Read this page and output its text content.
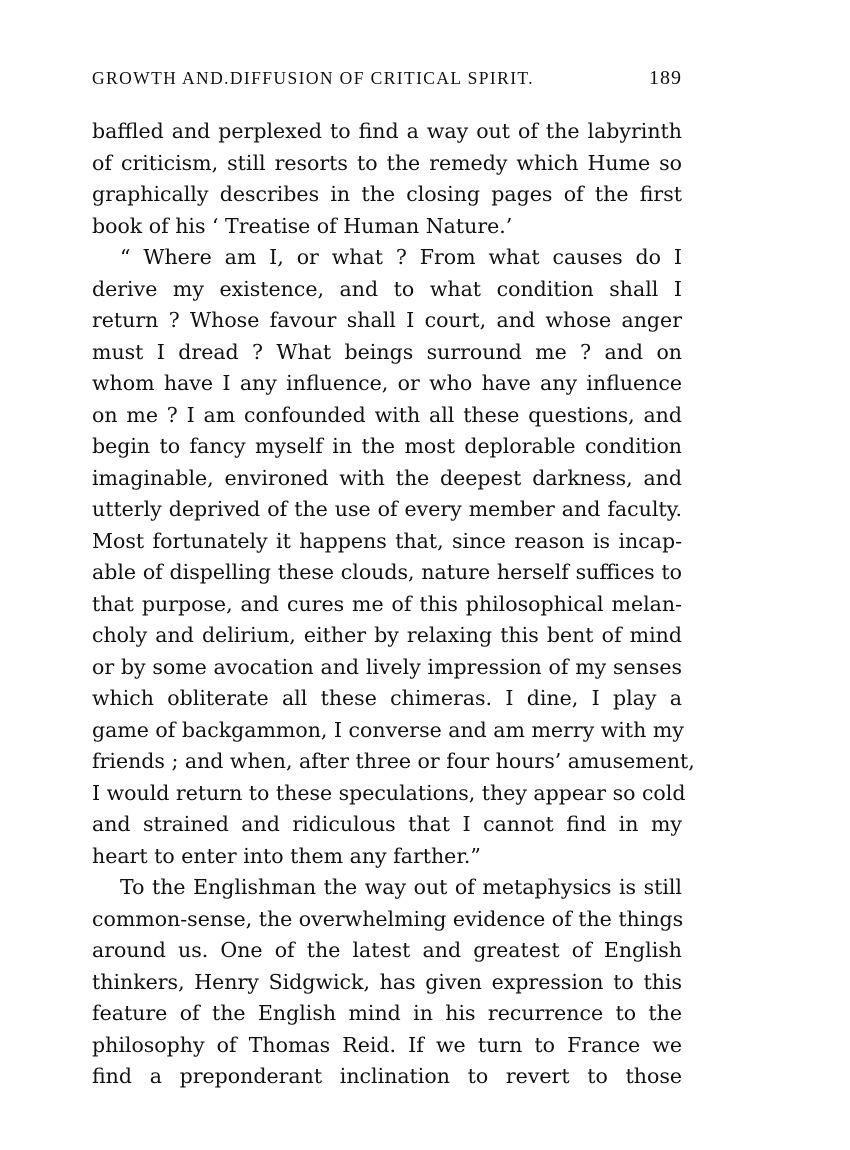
GROWTH AND.DIFFUSION OF CRITICAL SPIRIT.	189
baffled and perplexed to find a way out of the labyrinth
of criticism, still resorts to the remedy which Hume so
graphically describes in the closing pages of the first
book of his ‘ Treatise of Human Nature.’
“ Where am I, or what ? From what causes do I
derive my existence, and to what condition shall I
return ? Whose favour shall I court, and whose anger
must I dread ? What beings surround me ? and on
whom have I any influence, or who have any influence
on me ? I am confounded with all these questions, and
begin to fancy myself in the most deplorable condition
imaginable, environed with the deepest darkness, and
utterly deprived of the use of every member and faculty.
Most fortunately it happens that, since reason is incap-
able of dispelling these clouds, nature herself suffices to
that purpose, and cures me of this philosophical melan-
choly and delirium, either by relaxing this bent of mind
or by some avocation and lively impression of my senses
which obliterate all these chimeras. I dine, I play a
game of backgammon, I converse and am merry with my
friends ; and when, after three or four hours’ amusement,
I would return to these speculations, they appear so cold
and strained and ridiculous that I cannot find in my
heart to enter into them any farther.”
To the Englishman the way out of metaphysics is still
common-sense, the overwhelming evidence of the things
around us. One of the latest and greatest of English
thinkers, Henry Sidgwick, has given expression to this
feature of the English mind in his recurrence to the
philosophy of Thomas Reid. If we turn to France we
find a preponderant inclination to revert to those
